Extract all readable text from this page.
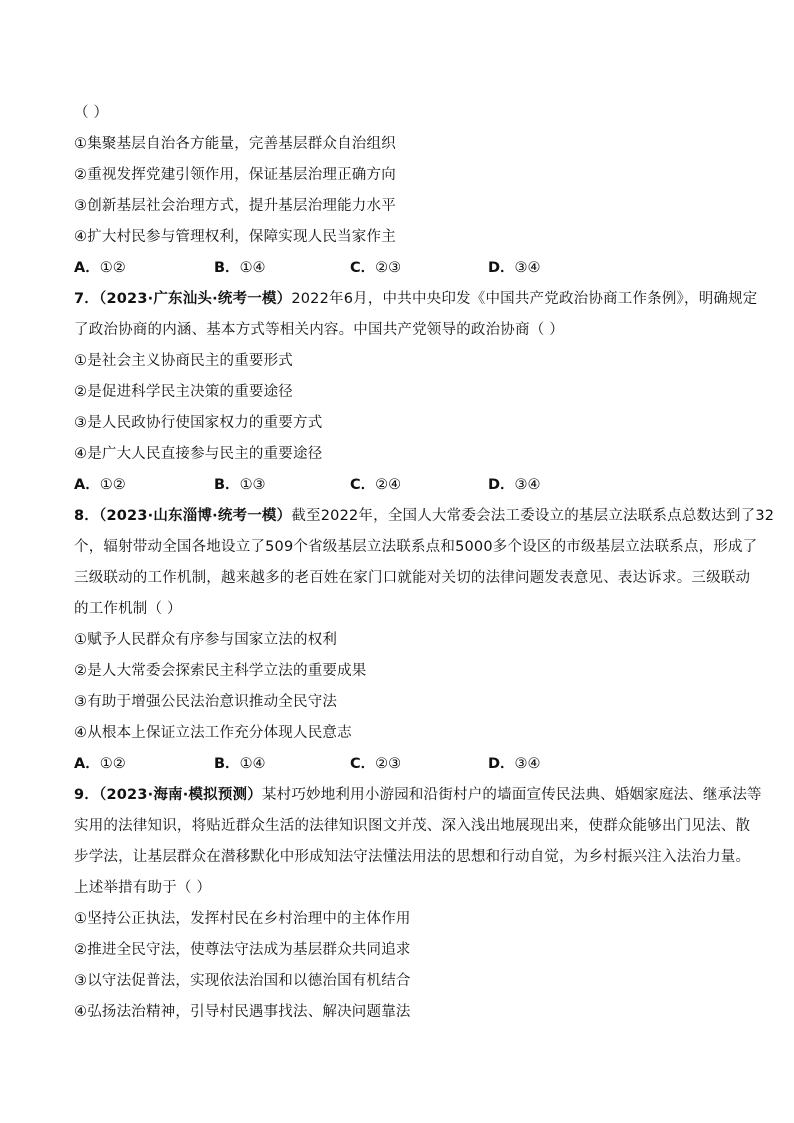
（ ）
①集聚基层自治各方能量，完善基层群众自治组织
②重视发挥党建引领作用，保证基层治理正确方向
③创新基层社会治理方式，提升基层治理能力水平
④扩大村民参与管理权利，保障实现人民当家作主
A．①②	B．①④	C．②③	D．③④
7．（2023·广东汕头·统考一模）2022年6月，中共中央印发《中国共产党政治协商工作条例》，明确规定
了政治协商的内涵、基本方式等相关内容。中国共产党领导的政治协商（ ）
①是社会主义协商民主的重要形式
②是促进科学民主决策的重要途径
③是人民政协行使国家权力的重要方式
④是广大人民直接参与民主的重要途径
A．①②	B．①③	C．②④	D．③④
8．（2023·山东淄博·统考一模）截至2022年，全国人大常委会法工委设立的基层立法联系点总数达到了32
个，辐射带动全国各地设立了509个省级基层立法联系点和5000多个设区的市级基层立法联系点，形成了
三级联动的工作机制，越来越多的老百姓在家门口就能对关切的法律问题发表意见、表达诉求。三级联动
的工作机制（ ）
①赋予人民群众有序参与国家立法的权利
②是人大常委会探索民主科学立法的重要成果
③有助于增强公民法治意识推动全民守法
④从根本上保证立法工作充分体现人民意志
A．①②	B．①④	C．②③	D．③④
9．（2023·海南·模拟预测）某村巧妙地利用小游园和沿街村户的墙面宣传民法典、婚姻家庭法、继承法等
实用的法律知识，将贴近群众生活的法律知识图文并茂、深入浅出地展现出来，使群众能够出门见法、散
步学法，让基层群众在潜移默化中形成知法守法懂法用法的思想和行动自觉，为乡村振兴注入法治力量。
上述举措有助于（ ）
①坚持公正执法，发挥村民在乡村治理中的主体作用
②推进全民守法，使尊法守法成为基层群众共同追求
③以守法促普法，实现依法治国和以德治国有机结合
④弘扬法治精神，引导村民遇事找法、解决问题靠法
